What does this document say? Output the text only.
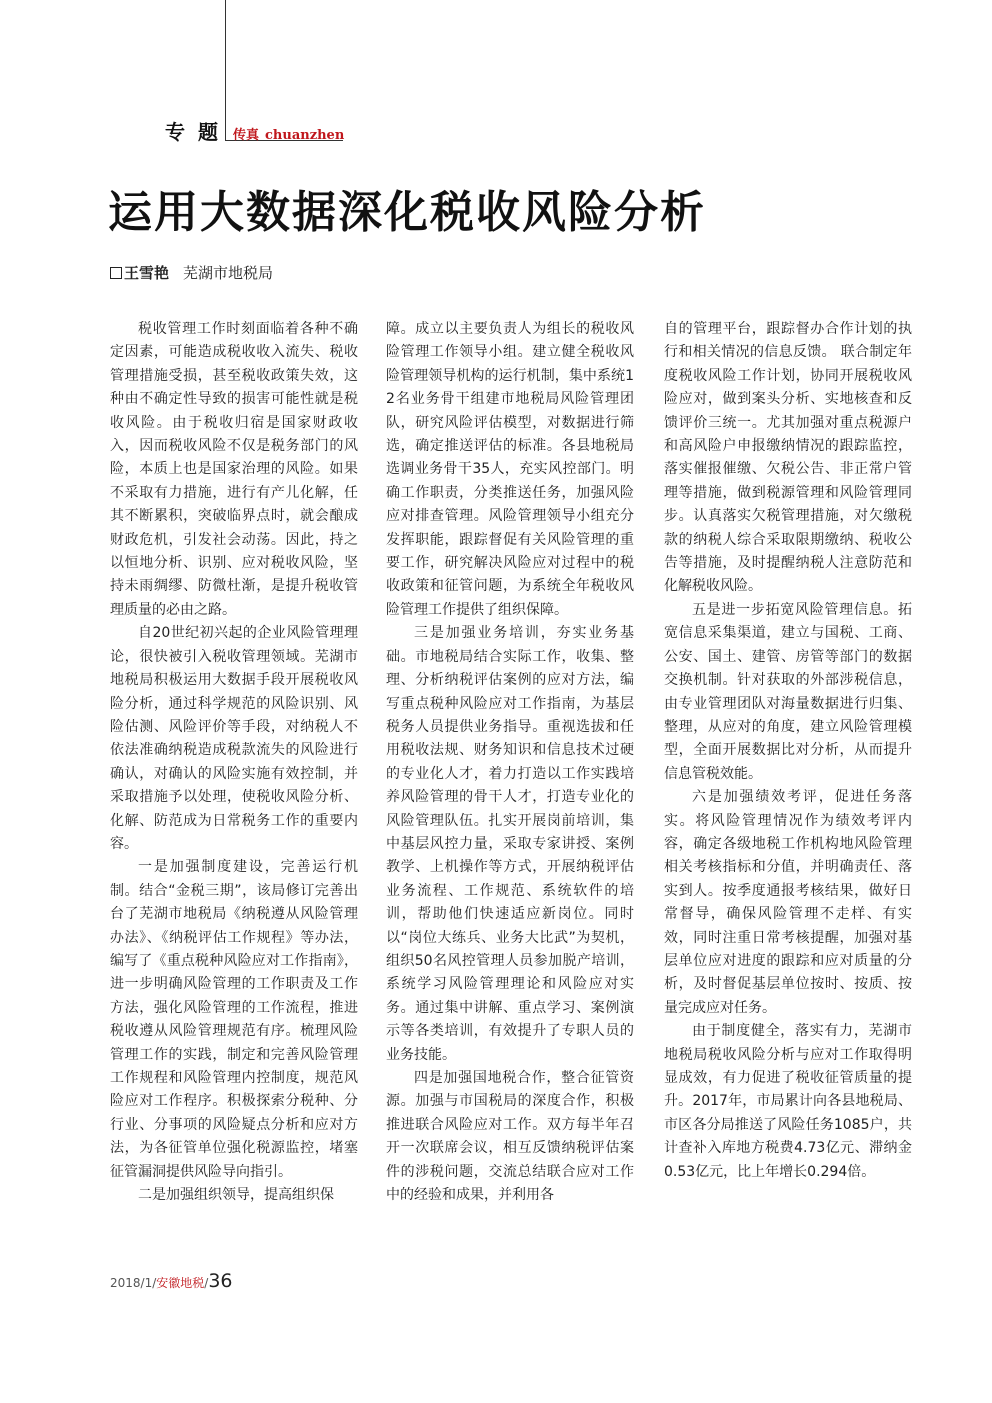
专 题 传真 chuanzhen
运用大数据深化税收风险分析
王雪艳 芜湖市地税局

税收管理工作时刻面临着各种不确定因素，可能造成税收收入流失、税收管理措施受损，甚至税收政策失效，这种由不确定性导致的损害可能性就是税收风险。由于税收归宿是国家财政收入，因而税收风险不仅是税务部门的风险，本质上也是国家治理的风险。如果不采取有力措施，进行有产儿化解，任其不断累积，突破临界点时，就会酿成财政危机，引发社会动荡。因此，持之以恒地分析、识别、应对税收风险，坚持未雨绸缪、防微杜渐，是提升税收管理质量的必由之路。

自20世纪初兴起的企业风险管理理论，很快被引入税收管理领域。芜湖市地税局积极运用大数据手段开展税收风险分析，通过科学规范的风险识别、风险估测、风险评价等手段，对纳税人不依法准确纳税造成税款流失的风险进行确认，对确认的风险实施有效控制，并采取措施予以处理，使税收风险分析、化解、防范成为日常税务工作的重要内容。

一是加强制度建设，完善运行机制。结合“金税三期”，该局修订完善出台了芜湖市地税局《纳税遵从风险管理办法》、《纳税评估工作规程》等办法，编写了《重点税种风险应对工作指南》，进一步明确风险管理的工作职责及工作方法，强化风险管理的工作流程，推进税收遵从风险管理规范有序。梳理风险管理工作的实践，制定和完善风险管理工作规程和风险管理内控制度，规范风险应对工作程序。积极探索分税种、分行业、分事项的风险疑点分析和应对方法，为各征管单位强化税源监控，堵塞征管漏洞提供风险导向指引。

二是加强组织领导，提高组织保

障。成立以主要负责人为组长的税收风险管理工作领导小组。建立健全税收风险管理领导机构的运行机制，集中系统12名业务骨干组建市地税局风险管理团队，研究风险评估模型，对数据进行筛选，确定推送评估的标准。各县地税局选调业务骨干35人，充实风控部门。明确工作职责，分类推送任务，加强风险应对排查管理。风险管理领导小组充分发挥职能，跟踪督促有关风险管理的重要工作，研究解决风险应对过程中的税收政策和征管问题，为系统全年税收风险管理工作提供了组织保障。

三是加强业务培训，夯实业务基础。市地税局结合实际工作，收集、整理、分析纳税评估案例的应对方法，编写重点税种风险应对工作指南，为基层税务人员提供业务指导。重视选拔和任用税收法规、财务知识和信息技术过硬的专业化人才，着力打造以工作实践培养风险管理的骨干人才，打造专业化的风险管理队伍。扎实开展岗前培训，集中基层风控力量，采取专家讲授、案例教学、上机操作等方式，开展纳税评估业务流程、工作规范、系统软件的培训，帮助他们快速适应新岗位。同时以“岗位大练兵、业务大比武”为契机，组织50名风控管理人员参加脱产培训，系统学习风险管理理论和风险应对实务。通过集中讲解、重点学习、案例演示等各类培训，有效提升了专职人员的业务技能。

四是加强国地税合作，整合征管资源。加强与市国税局的深度合作，积极推进联合风险应对工作。双方每半年召开一次联席会议，相互反馈纳税评估案件的涉税问题，交流总结联合应对工作中的经验和成果，并利用各

自的管理平台，跟踪督办合作计划的执行和相关情况的信息反馈。 联合制定年度税收风险工作计划，协同开展税收风险应对，做到案头分析、实地核查和反馈评价三统一。尤其加强对重点税源户和高风险户申报缴纳情况的跟踪监控，落实催报催缴、欠税公告、非正常户管理等措施，做到税源管理和风险管理同步。认真落实欠税管理措施，对欠缴税款的纳税人综合采取限期缴纳、税收公告等措施，及时提醒纳税人注意防范和化解税收风险。

五是进一步拓宽风险管理信息。拓宽信息采集渠道，建立与国税、工商、公安、国土、建管、房管等部门的数据交换机制。针对获取的外部涉税信息，由专业管理团队对海量数据进行归集、整理，从应对的角度，建立风险管理模型，全面开展数据比对分析，从而提升信息管税效能。

六是加强绩效考评，促进任务落实。将风险管理情况作为绩效考评内容，确定各级地税工作机构地风险管理相关考核指标和分值，并明确责任、落实到人。按季度通报考核结果，做好日常督导，确保风险管理不走样、有实效，同时注重日常考核提醒，加强对基层单位应对进度的跟踪和应对质量的分析，及时督促基层单位按时、按质、按量完成应对任务。

由于制度健全，落实有力，芜湖市地税局税收风险分析与应对工作取得明显成效，有力促进了税收征管质量的提升。2017年，市局累计向各县地税局、市区各分局推送了风险任务1085户，共计查补入库地方税费4.73亿元、滞纳金0.53亿元，比上年增长0.294倍。

2018/1/安徽地税/36
